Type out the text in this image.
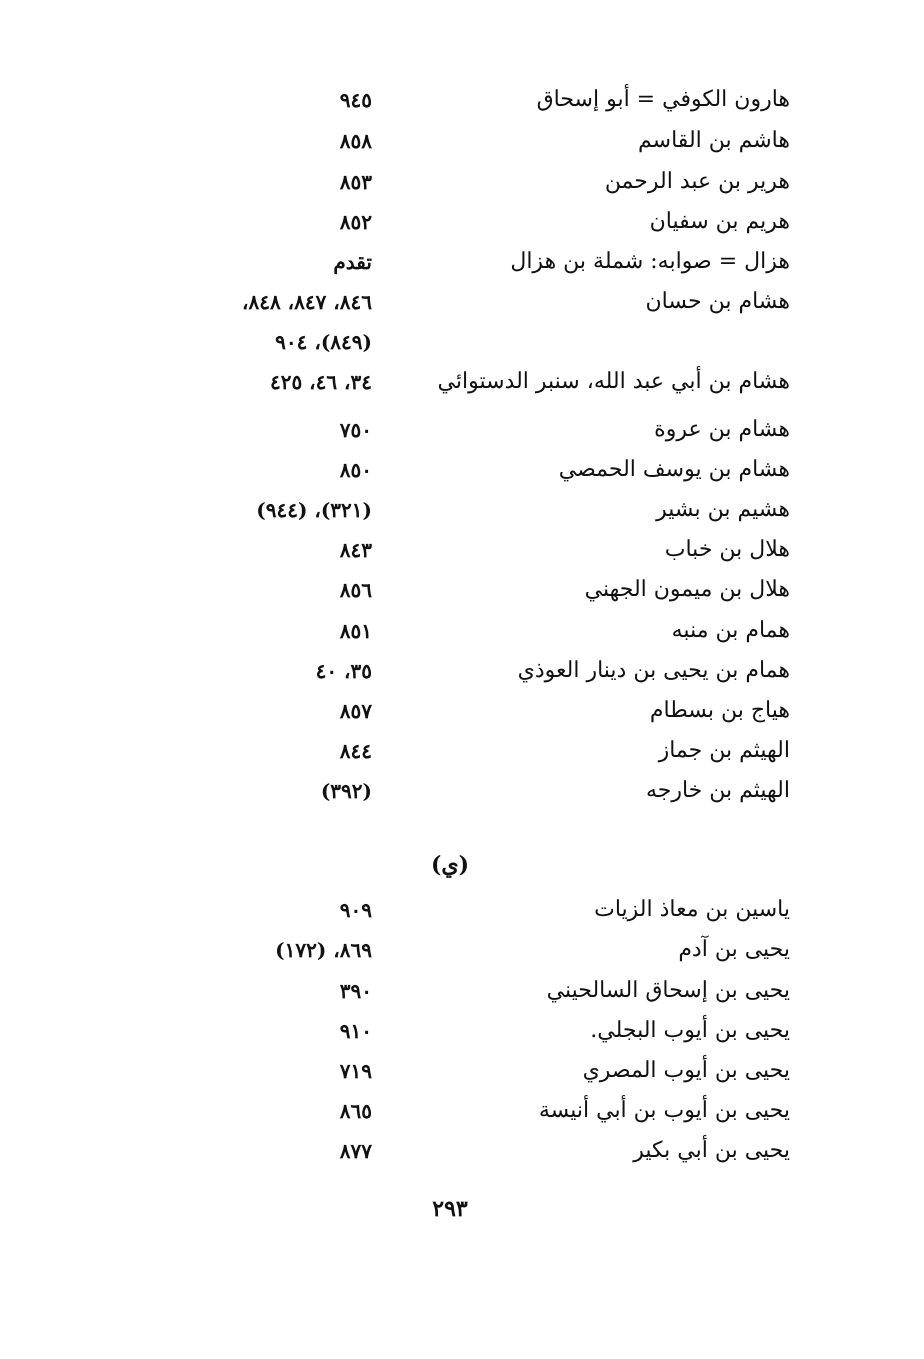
هارون الكوفي = أبو إسحاق
٩٤٥
هاشم بن القاسم
٨٥٨
هرير بن عبد الرحمن
٨٥٣
هريم بن سفيان
٨٥٢
هزال = صوابه: شملة بن هزال
تقدم
هشام بن حسان
٨٤٦، ٨٤٧، ٨٤٨،
(٨٤٩)، ٩٠٤
هشام بن أبي عبد الله، سنبر الدستوائي
٣٤، ٤٦، ٤٢٥
هشام بن عروة
٧٥٠
هشام بن يوسف الحمصي
٨٥٠
هشيم بن بشير
(٣٢١)، (٩٤٤)
هلال بن خباب
٨٤٣
هلال بن ميمون الجهني
٨٥٦
همام بن منبه
٨٥١
همام بن يحيى بن دينار العوذي
٣٥، ٤٠
هياج بن بسطام
٨٥٧
الهيثم بن جماز
٨٤٤
الهيثم بن خارجه
(٣٩٢)
(ي)
ياسين بن معاذ الزيات
٩٠٩
يحيى بن آدم
٨٦٩، (١٧٢)
يحيى بن إسحاق السالحيني
٣٩٠
يحيى بن أيوب البجلي.
٩١٠
يحيى بن أيوب المصري
٧١٩
يحيى بن أيوب بن أبي أنيسة
٨٦٥
يحيى بن أبي بكير
٨٧٧
٢٩٣
